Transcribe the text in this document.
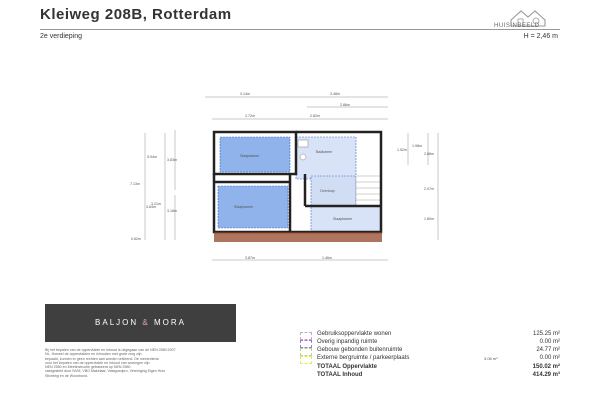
Kleiweg 208B, Rotterdam
HUISINBEELD
2e verdieping	H = 2,46 m
3.14m	3.48m
2.72m	2.82m
2.86m
3.87m	1.46m
5.94m
3.83m
7.13m
3.21m
3.64m
3.18m
0.62m
1.52m
1.98m
2.88m
2.07m
1.80m
Slaapkamer
Badkamer
Slaapkamer
Overloop
Slaapkamer
BALJON & MORA
Bij het bepalen van de oppervlakte en inhoud is uitgegaan van de NEN 2580:2007
NL. Hoewel de oppervlakten en inhouden met grote zorg zijn
bepaald, kunnen er geen rechten aan worden ontleend. De meetcriteria
voor het bepalen van de oppervlakte en inhoud van woningen zijn
NEN 2580 en Meetinstructie gebaseerd op NEN 2580
vastgesteld door NVM, VBO Makelaar, Vastgoedpro, Vereniging Eigen Huis
Stichting en de Woonbond.
Gebruiksoppervlakte wonen	125.25 m²
Overig inpandig ruimte	0.00 m²
Gebouw gebonden buitenruimte	24.77 m²
Externe bergruimte / parkeerplaats	3.06 m²	0.00 m²
TOTAAL Oppervlakte	150.02 m²
TOTAAL Inhoud	414.29 m³
